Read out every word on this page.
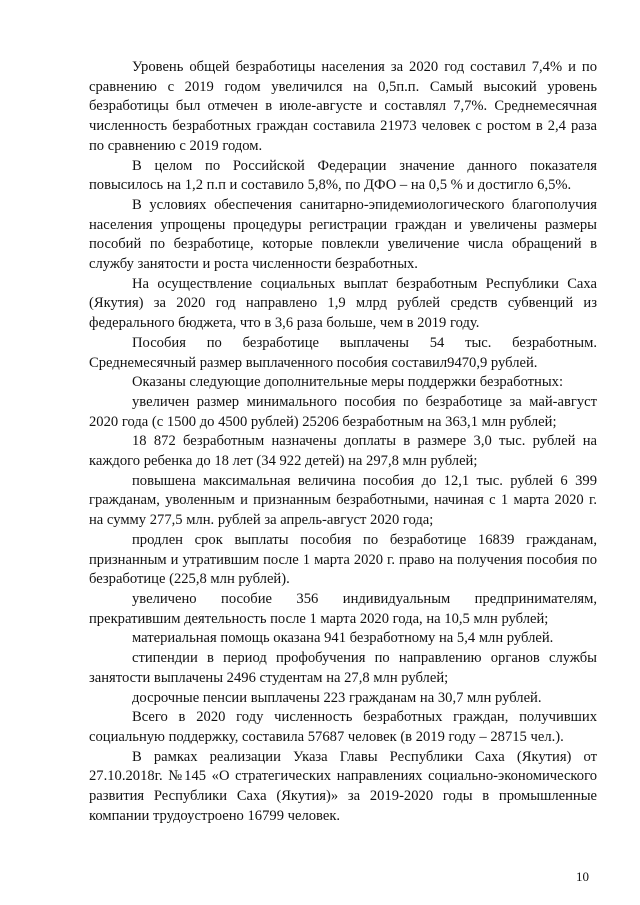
Уровень общей безработицы населения за 2020 год составил 7,4% и по сравнению с 2019 годом увеличился на 0,5п.п. Самый высокий уровень безработицы был отмечен в июле-августе и составлял 7,7%. Среднемесячная численность безработных граждан составила 21973 человек с ростом в 2,4 раза по сравнению с 2019 годом.

В целом по Российской Федерации значение данного показателя повысилось на 1,2 п.п и составило 5,8%, по ДФО – на 0,5 % и достигло 6,5%.

В условиях обеспечения санитарно-эпидемиологического благополучия населения упрощены процедуры регистрации граждан и увеличены размеры пособий по безработице, которые повлекли увеличение числа обращений в службу занятости и роста численности безработных.

На осуществление социальных выплат безработным Республики Саха (Якутия) за 2020 год направлено 1,9 млрд рублей средств субвенций из федерального бюджета, что в 3,6 раза больше, чем в 2019 году.

Пособия по безработице выплачены 54 тыс. безработным. Среднемесячный размер выплаченного пособия составил9470,9 рублей.

Оказаны следующие дополнительные меры поддержки безработных:

увеличен размер минимального пособия по безработице за май-август 2020 года (с 1500 до 4500 рублей) 25206 безработным на 363,1 млн рублей;

18 872 безработным назначены доплаты в размере 3,0 тыс. рублей на каждого ребенка до 18 лет (34 922 детей) на 297,8 млн рублей;

повышена максимальная величина пособия до 12,1 тыс. рублей 6 399 гражданам, уволенным и признанным безработными, начиная с 1 марта 2020 г. на сумму 277,5 млн. рублей за апрель-август 2020 года;

продлен срок выплаты пособия по безработице 16839 гражданам, признанным и утратившим после 1 марта 2020 г. право на получения пособия по безработице (225,8 млн рублей).

увеличено пособие 356 индивидуальным предпринимателям, прекратившим деятельность после 1 марта 2020 года, на 10,5 млн рублей;

материальная помощь оказана 941 безработному на 5,4 млн рублей.

стипендии в период профобучения по направлению органов службы занятости выплачены 2496 студентам на 27,8 млн рублей;

досрочные пенсии выплачены 223 гражданам на 30,7 млн рублей.

Всего в 2020 году численность безработных граждан, получивших социальную поддержку, составила 57687 человек (в 2019 году – 28715 чел.).

В рамках реализации Указа Главы Республики Саха (Якутия) от 27.10.2018г. №145 «О стратегических направлениях социально-экономического развития Республики Саха (Якутия)» за 2019-2020 годы в промышленные компании трудоустроено 16799 человек.

10
